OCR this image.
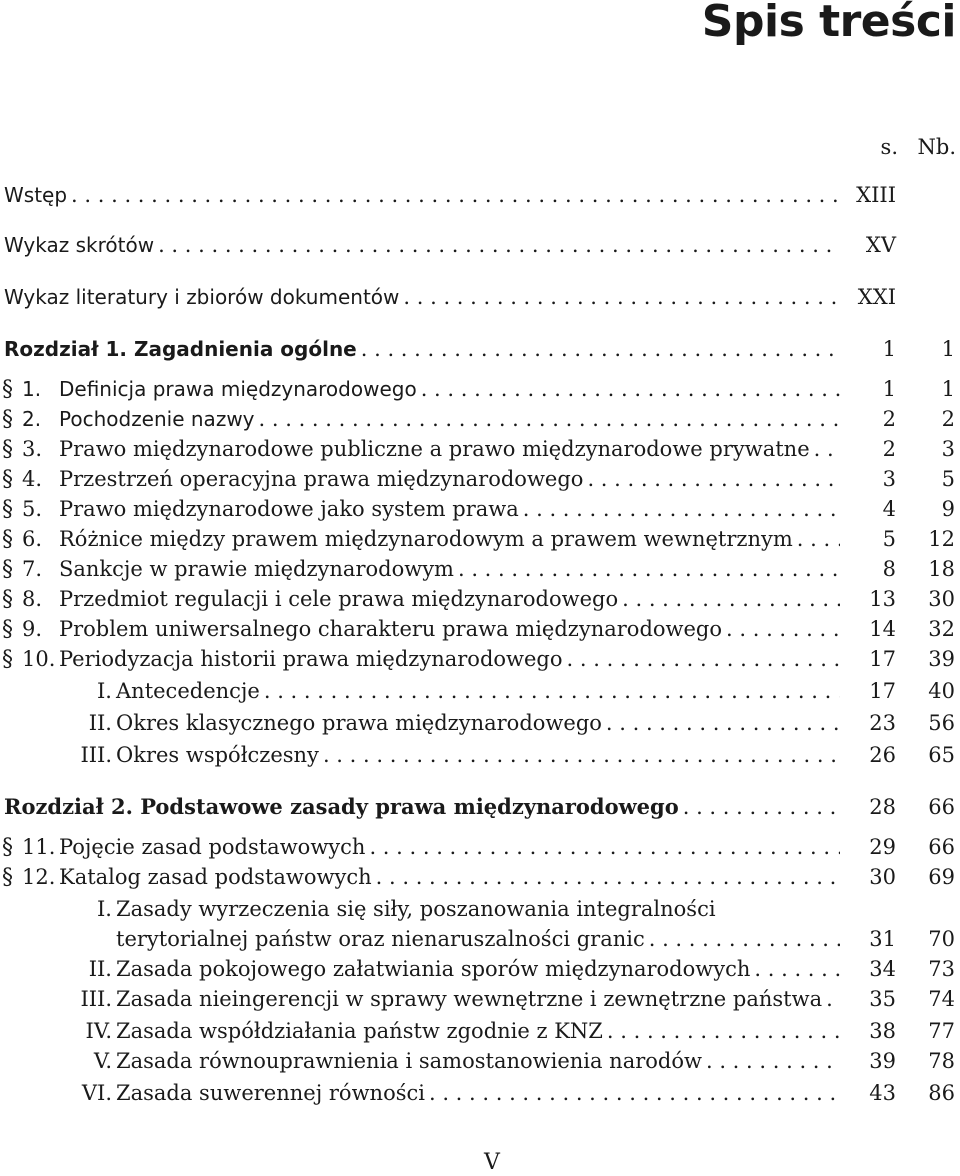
Spis treści
s. Nb.
Wstęp . . .	XIII
Wykaz skrótów . . .	XV
Wykaz literatury i zbiorów dokumentów . . .	XXI
Rozdział 1. Zagadnienia ogólne . . .	1	1
§ 1. Definicja prawa międzynarodowego . . .	1	1
§ 2. Pochodzenie nazwy . . .	2	2
§ 3. Prawo międzynarodowe publiczne a prawo międzynarodowe prywatne . . .	2	3
§ 4. Przestrzeń operacyjna prawa międzynarodowego . . .	3	5
§ 5. Prawo międzynarodowe jako system prawa . . .	4	9
§ 6. Różnice między prawem międzynarodowym a prawem wewnętrznym . . .	5	12
§ 7. Sankcje w prawie międzynarodowym . . .	8	18
§ 8. Przedmiot regulacji i cele prawa międzynarodowego . . .	13	30
§ 9. Problem uniwersalnego charakteru prawa międzynarodowego . . .	14	32
§ 10. Periodyzacja historii prawa międzynarodowego . . .	17	39
I. Antecedencje . . .	17	40
II. Okres klasycznego prawa międzynarodowego . . .	23	56
III. Okres współczesny . . .	26	65
Rozdział 2. Podstawowe zasady prawa międzynarodowego . . .	28	66
§ 11. Pojęcie zasad podstawowych . . .	29	66
§ 12. Katalog zasad podstawowych . . .	30	69
I. Zasady wyrzeczenia się siły, poszanowania integralności
terytorialnej państw oraz nienaruszalności granic . . .	31	70
II. Zasada pokojowego załatwiania sporów międzynarodowych . . .	34	73
III. Zasada nieingerencji w sprawy wewnętrzne i zewnętrzne państwa . . .	35	74
IV. Zasada współdziałania państw zgodnie z KNZ . . .	38	77
V. Zasada równouprawnienia i samostanowienia narodów . . .	39	78
VI. Zasada suwerennej równości . . .	43	86
V
